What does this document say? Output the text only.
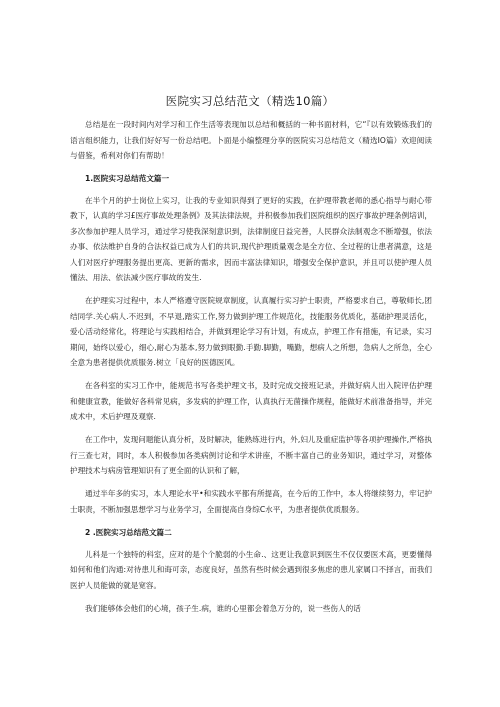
医院实习总结范文（精选10篇）

总结是在一段时间内对学习和工作生活等表现加以总结和概括的一种书面材料，它“『以有效锻炼我们的语言组织能力，让我们好好写一份总结吧。卜面是小编整理分享的医院实习总结范文（精选IO篇）欢迎阅读与借鉴，希利对你们有帮助！

1.医院实习总结范文篇一

在半个月的护士岗位上实习，让我的专业知识得到了更好的实践，在护理带教老师的悉心指导与耐心带教下，认真的学习£医疗事故处理条例》及其法律法规，并积极参加我们医院组织的医疗事故护理条例培训，多次参加护理人员学习，通过学习使我深刻意识到，法律制度日益完善，人民群众法制观念不断增强，依法办事、依法维护自身的合法权益已成为人们的共识,现代护理质量观念是全方位、全过程的让患者满意，这是人们对医疗护理服务提出更高、更新的需求，因而丰富法律知识，增强安全保护意识，并且可以使护理人员懂法、用法、依法减少医疗事故的发生.

在护理实习过程中，本人严格遵守医院规章制度，认真履行实习护士职责，严格要求自己，尊敬师长,团结同学.关心病人.不迟到，不早退,踏实工作,努力做到护理工作规范化，技能服务优质化，基础护理灵活化，爱心活动经常化，将理论与实践相结合，并做到理论学习有计划，有成点，护理工作有措施，有记录，实习期间，始终以爱心，细心,耐心为基本,努力做到眼勤.手勤.脚勤，嘴勤，想病人之所想，急病人之所急，全心全意为患者提供优质服务.树立「良好的医德医风。

在各科室的实习工作中，能规范书写各类护理文书，及时完成交接班记录，并做好病人出入院评估护理和健康宣教，能做好各科常见病，多发病的护理工作，认真执行无菌操作规程，能做好术前准备指导，并完成术中，术后护理及观察.

在工作中，发现问题能认真分析，及时解决，能熟练进行内，外,妇儿及重症监护等各项护理操作,严格执行三查七对，同时，本人积极参加各类病例讨论和学术讲座，不断丰富自己的业务知识，通过学习，对整体护理技术与病房管理知识有了更全面的认识和了解，

通过半年多的实习，本人理论水平•和实践水平都有所提高，在今后的工作中，本人将继续努力，牢记护士职责，不断加强思想学习与业务学习，全面提高自身综C水平，为患者提供优质服务。

2 .医院实习总结范文篇二

儿科是一个独特的科室，应对的是个个脆弱的小生命.、这更让我意识到医生不仅仅要医术高，更要懂得如何和他们沟通:对待患儿和诲可亲，态度良好，虽然有些时候会遇到很多焦虑的患儿家属口不择言，而我们医护人员能做的就是宽容。

我们能够体会他们的心境，孩子生.病，谁的心里都会着急万分的，说一些伤人的话
